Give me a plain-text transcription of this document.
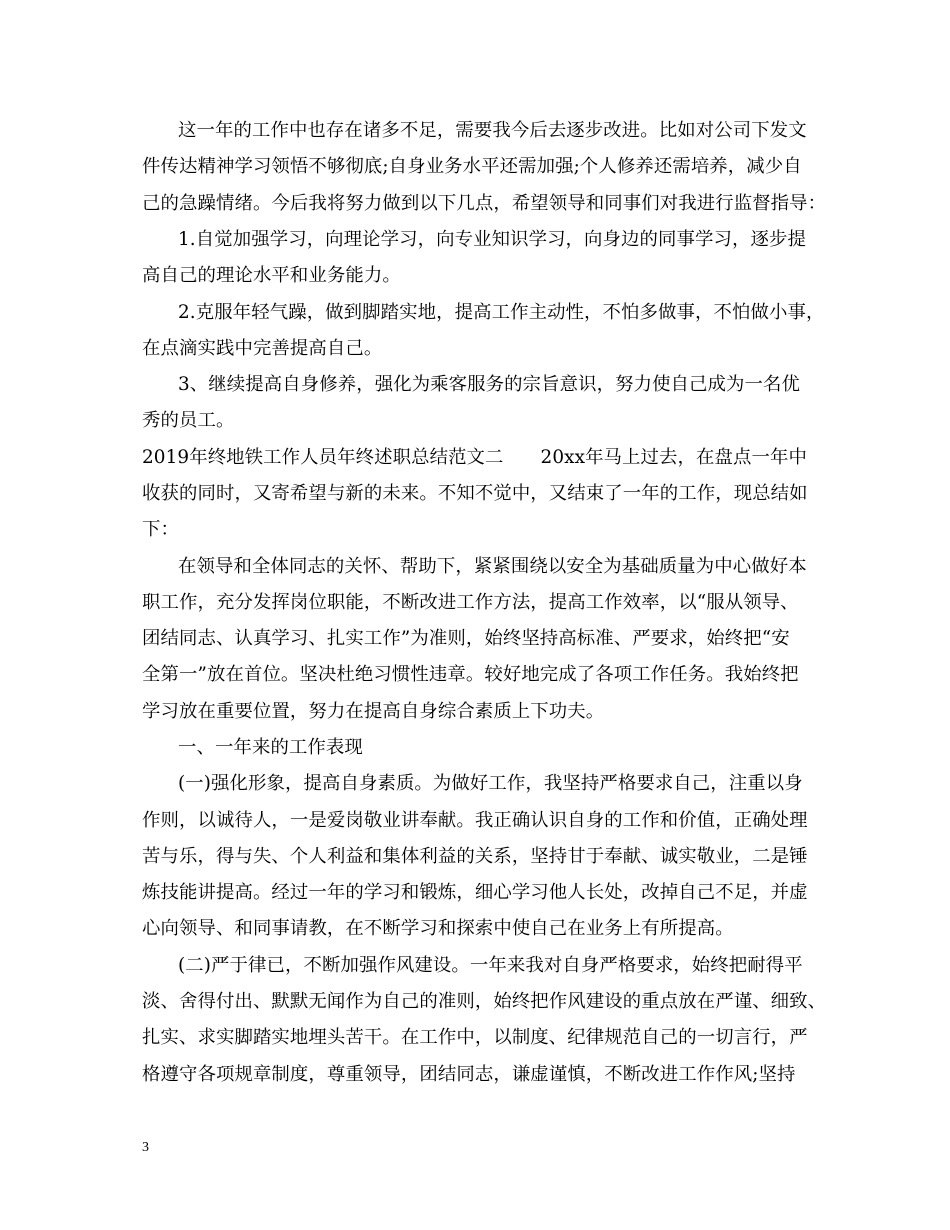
这一年的工作中也存在诸多不足，需要我今后去逐步改进。比如对公司下发文
件传达精神学习领悟不够彻底;自身业务水平还需加强;个人修养还需培养，减少自
己的急躁情绪。今后我将努力做到以下几点，希望领导和同事们对我进行监督指导：
1.自觉加强学习，向理论学习，向专业知识学习，向身边的同事学习，逐步提
高自己的理论水平和业务能力。
2.克服年轻气躁，做到脚踏实地，提高工作主动性，不怕多做事，不怕做小事，
在点滴实践中完善提高自己。
3、继续提高自身修养，强化为乘客服务的宗旨意识，努力使自己成为一名优
秀的员工。
2019年终地铁工作人员年终述职总结范文二　　20xx年马上过去，在盘点一年中
收获的同时，又寄希望与新的未来。不知不觉中，又结束了一年的工作，现总结如
下：
在领导和全体同志的关怀、帮助下，紧紧围绕以安全为基础质量为中心做好本
职工作，充分发挥岗位职能，不断改进工作方法，提高工作效率，以“服从领导、
团结同志、认真学习、扎实工作”为准则，始终坚持高标准、严要求，始终把“安
全第一”放在首位。坚决杜绝习惯性违章。较好地完成了各项工作任务。我始终把
学习放在重要位置，努力在提高自身综合素质上下功夫。
一、一年来的工作表现
(一)强化形象，提高自身素质。为做好工作，我坚持严格要求自己，注重以身
作则，以诚待人，一是爱岗敬业讲奉献。我正确认识自身的工作和价值，正确处理
苦与乐，得与失、个人利益和集体利益的关系，坚持甘于奉献、诚实敬业，二是锤
炼技能讲提高。经过一年的学习和锻炼，细心学习他人长处，改掉自己不足，并虚
心向领导、和同事请教，在不断学习和探索中使自己在业务上有所提高。
(二)严于律已，不断加强作风建设。一年来我对自身严格要求，始终把耐得平
淡、舍得付出、默默无闻作为自己的准则，始终把作风建设的重点放在严谨、细致、
扎实、求实脚踏实地埋头苦干。在工作中，以制度、纪律规范自己的一切言行，严
格遵守各项规章制度，尊重领导，团结同志，谦虚谨慎，不断改进工作作风;坚持
3
